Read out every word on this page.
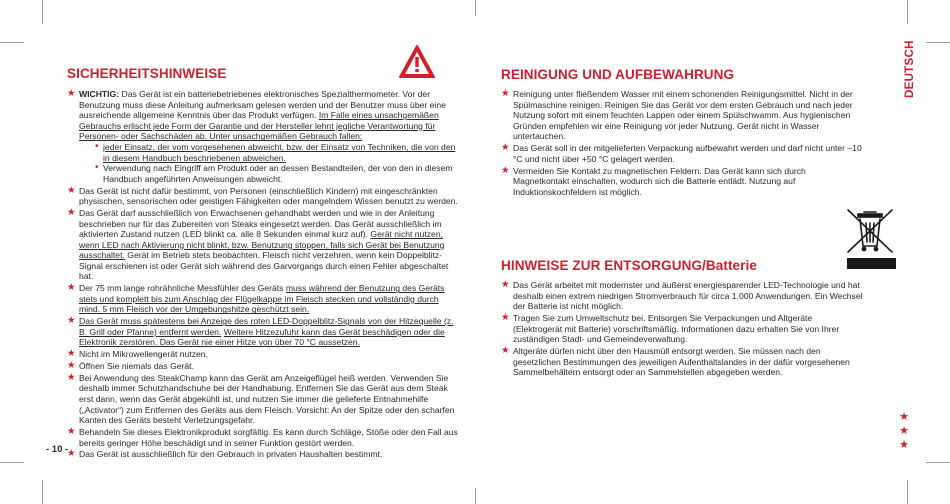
SICHERHEITSHINWEISE
★ WICHTIG: Das Gerät ist ein batteriebetriebenes elektronisches Spezialthermometer. Vor der Benutzung muss diese Anleitung aufmerksam gelesen werden und der Benutzer muss über eine ausreichende allgemeine Kenntnis über das Produkt verfügen. Im Falle eines unsachgemäßen Gebrauchs erlischt jede Form der Garantie und der Hersteller lehnt jegliche Verantwortung für Personen- oder Sachschäden ab. Unter unsachgemäßen Gebrauch fallen:
• jeder Einsatz, der vom vorgesehenen abweicht, bzw. der Einsatz von Techniken, die von den in diesem Handbuch beschriebenen abweichen.
• Verwendung nach Eingriff am Produkt oder an dessen Bestandteilen, der von den in diesem Handbuch angeführten Anweisungen abweicht.
★ Das Gerät ist nicht dafür bestimmt, von Personen (einschließlich Kindern) mit eingeschränkten physischen, sensorischen oder geistigen Fähigkeiten oder mangelndem Wissen benutzt zu werden.
★ Das Gerät darf ausschließlich von Erwachsenen gehandhabt werden und wie in der Anleitung beschrieben nur für das Zubereiten von Steaks eingesetzt werden. Das Gerät ausschließlich im aktivierten Zustand nutzen (LED blinkt ca. alle 8 Sekunden einmal kurz auf). Gerät nicht nutzen, wenn LED nach Aktivierung nicht blinkt, bzw. Benutzung stoppen, falls sich Gerät bei Benutzung ausschaltet. Gerät im Betrieb stets beobachten. Fleisch nicht verzehren, wenn kein Doppelblitz-Signal erschienen ist oder Gerät sich während des Garvorgangs durch einen Fehler abgeschaltet hat.
★ Der 75 mm lange rohrähnliche Messfühler des Geräts muss während der Benutzung des Geräts stets und komplett bis zum Anschlag der Flügelkappe im Fleisch stecken und vollständig durch mind. 5 mm Fleisch vor der Umgebungshitze geschützt sein.
★ Das Gerät muss spätestens bei Anzeige des roten LED-Doppelblitz-Signals von der Hitzequelle (z. B. Grill oder Pfanne) entfernt werden. Weitere Hitzezufuhr kann das Gerät beschädigen oder die Elektronik zerstören. Das Gerät nie einer Hitze von über 70 °C aussetzen.
★ Nicht im Mikrowellengerät nutzen.
★ Öffnen Sie niemals das Gerät.
★ Bei Anwendung des SteakChamp kann das Gerät am Anzeigeflügel heiß werden. Verwenden Sie deshalb immer Schutzhandschuhe bei der Handhabung. Entfernen Sie das Gerät aus dem Steak erst dann, wenn das Gerät abgekühlt ist, und nutzen Sie immer die gelieferte Entnahmehilfe („Activator“) zum Entfernen des Geräts aus dem Fleisch. Vorsicht: An der Spitze oder den scharfen Kanten des Geräts besteht Verletzungsgefahr.
★ Behandeln Sie dieses Elektronikprodukt sorgfältig. Es kann durch Schläge, Stöße oder den Fall aus bereits geringer Höhe beschädigt und in seiner Funktion gestört werden.
★ Das Gerät ist ausschließlich für den Gebrauch in privaten Haushalten bestimmt.
- 10 -
REINIGUNG UND AUFBEWAHRUNG
★ Reinigung unter fließendem Wasser mit einem schonenden Reinigungsmittel. Nicht in der Spülmaschine reinigen. Reinigen Sie das Gerät vor dem ersten Gebrauch und nach jeder Nutzung sofort mit einem feuchten Lappen oder einem Spülschwamm. Aus hygienischen Gründen empfehlen wir eine Reinigung vor jeder Nutzung. Gerät nicht in Wasser untertauchen.
★ Das Gerät soll in der mitgelieferten Verpackung aufbewahrt werden und darf nicht unter –10 °C und nicht über +50 °C gelagert werden.
★ Vermeiden Sie Kontakt zu magnetischen Feldern. Das Gerät kann sich durch Magnetkontakt einschalten, wodurch sich die Batterie entlädt. Nutzung auf Induktionskochfeldern ist möglich.
HINWEISE ZUR ENTSORGUNG/Batterie
★ Das Gerät arbeitet mit modernster und äußerst energiesparender LED-Technologie und hat deshalb einen extrem niedrigen Stromverbrauch für circa 1.000 Anwendungen. Ein Wechsel der Batterie ist nicht möglich.
★ Tragen Sie zum Umweltschutz bei. Entsorgen Sie Verpackungen und Altgeräte (Elektrogerät mit Batterie) vorschriftsmäßig. Informationen dazu erhalten Sie von Ihrer zuständigen Stadt- und Gemeindeverwaltung.
★ Altgeräte dürfen nicht über den Hausmüll entsorgt werden. Sie müssen nach den gesetzlichen Bestimmungen des jeweiligen Aufenthaltslandes in der dafür vorgesehenen Sammelbehältern entsorgt oder an Sammelstellen abgegeben werden.
DEUTSCH
★
★
★
